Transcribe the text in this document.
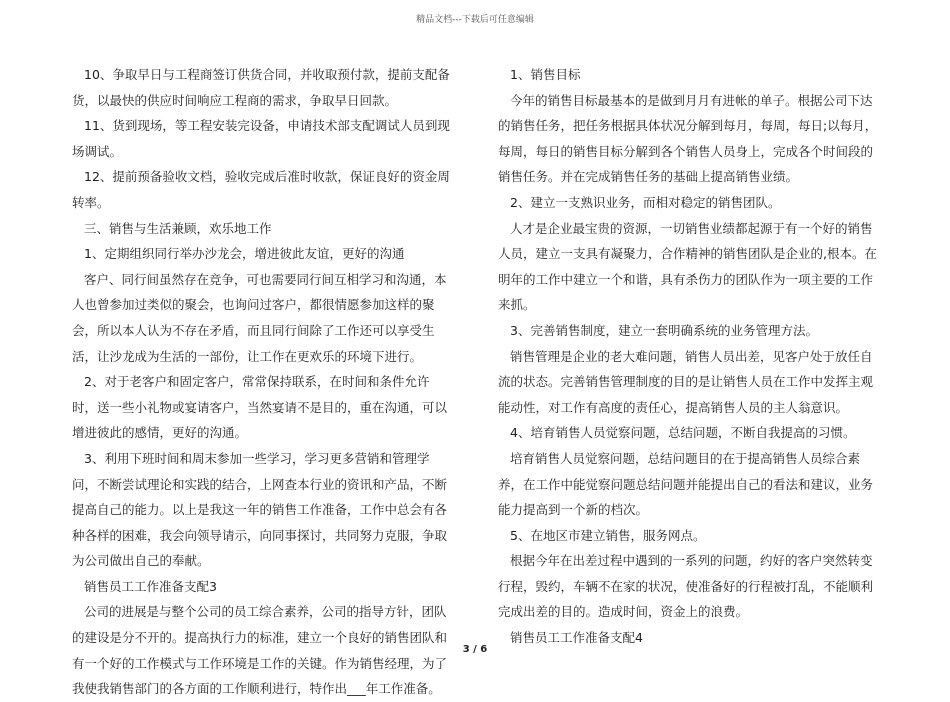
精品文档---下载后可任意编辑

10、争取早日与工程商签订供货合同，并收取预付款，提前支配备货，以最快的供应时间响应工程商的需求，争取早日回款。

11、货到现场，等工程安装完设备，申请技术部支配调试人员到现场调试。

12、提前预备验收文档，验收完成后准时收款，保证良好的资金周转率。

三、销售与生活兼顾，欢乐地工作

1、定期组织同行举办沙龙会，增进彼此友谊，更好的沟通

客户、同行间虽然存在竞争，可也需要同行间互相学习和沟通，本人也曾参加过类似的聚会，也询问过客户，都很情愿参加这样的聚会，所以本人认为不存在矛盾，而且同行间除了工作还可以享受生活，让沙龙成为生活的一部份，让工作在更欢乐的环境下进行。

2、对于老客户和固定客户，常常保持联系，在时间和条件允许时，送一些小礼物或宴请客户，当然宴请不是目的，重在沟通，可以增进彼此的感情，更好的沟通。

3、利用下班时间和周末参加一些学习，学习更多营销和管理学问，不断尝试理论和实践的结合，上网查本行业的资讯和产品，不断提高自己的能力。以上是我这一年的销售工作准备，工作中总会有各种各样的困难，我会向领导请示，向同事探讨，共同努力克服，争取为公司做出自己的奉献。

销售员工工作准备支配3

公司的进展是与整个公司的员工综合素养，公司的指导方针，团队的建设是分不开的。提高执行力的标准，建立一个良好的销售团队和有一个好的工作模式与工作环境是工作的关键。作为销售经理，为了我使我销售部门的各方面的工作顺利进行，特作出___年工作准备。

1、销售目标

今年的销售目标最基本的是做到月月有进帐的单子。根据公司下达的销售任务，把任务根据具体状况分解到每月，每周，每日;以每月，每周，每日的销售目标分解到各个销售人员身上，完成各个时间段的销售任务。并在完成销售任务的基础上提高销售业绩。

2、建立一支熟识业务，而相对稳定的销售团队。

人才是企业最宝贵的资源，一切销售业绩都起源于有一个好的销售人员，建立一支具有凝聚力，合作精神的销售团队是企业的,根本。在明年的工作中建立一个和谐，具有杀伤力的团队作为一项主要的工作来抓。

3、完善销售制度，建立一套明确系统的业务管理方法。

销售管理是企业的老大难问题，销售人员出差，见客户处于放任自流的状态。完善销售管理制度的目的是让销售人员在工作中发挥主观能动性，对工作有高度的责任心，提高销售人员的主人翁意识。

4、培育销售人员觉察问题，总结问题，不断自我提高的习惯。

培育销售人员觉察问题，总结问题目的在于提高销售人员综合素养，在工作中能觉察问题总结问题并能提出自己的看法和建议，业务能力提高到一个新的档次。

5、在地区市建立销售，服务网点。

根据今年在出差过程中遇到的一系列的问题，约好的客户突然转变行程，毁约，车辆不在家的状况，使准备好的行程被打乱，不能顺利完成出差的目的。造成时间，资金上的浪费。

销售员工工作准备支配4

3 / 6
